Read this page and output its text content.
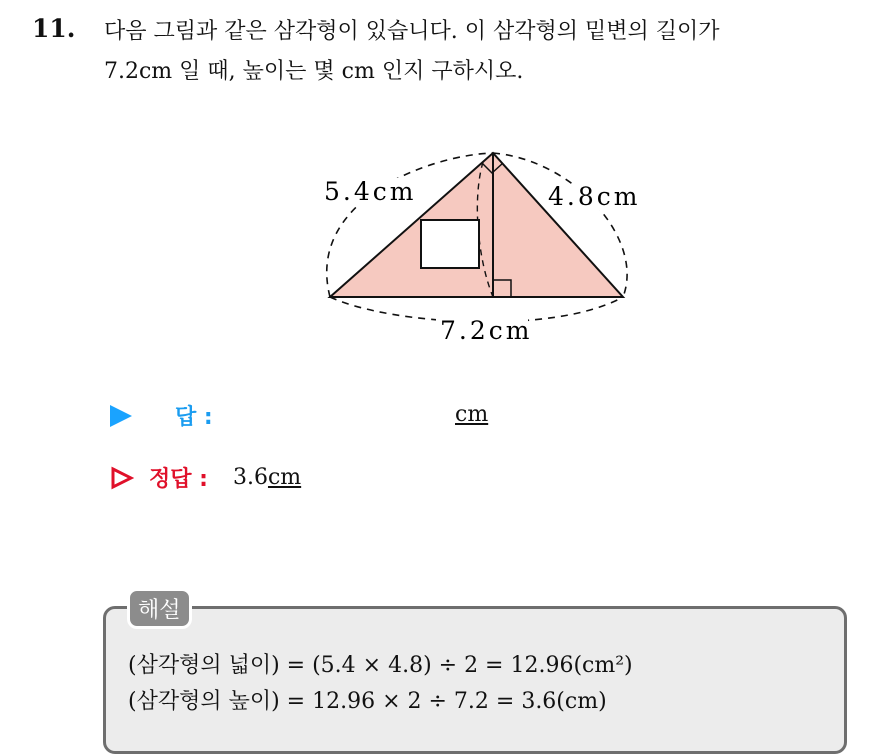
11. 다음 그림과 같은 삼각형이 있습니다. 이 삼각형의 밑변의 길이가
7.2cm 일 때, 높이는 몇 cm 인지 구하시오.
5.4cm	4.8cm
7.2cm
답 :	cm
정답 : 3.6cm
해설
(삼각형의 넓이) = (5.4 × 4.8) ÷ 2 = 12.96(cm²)
(삼각형의 높이) = 12.96 × 2 ÷ 7.2 = 3.6(cm)
